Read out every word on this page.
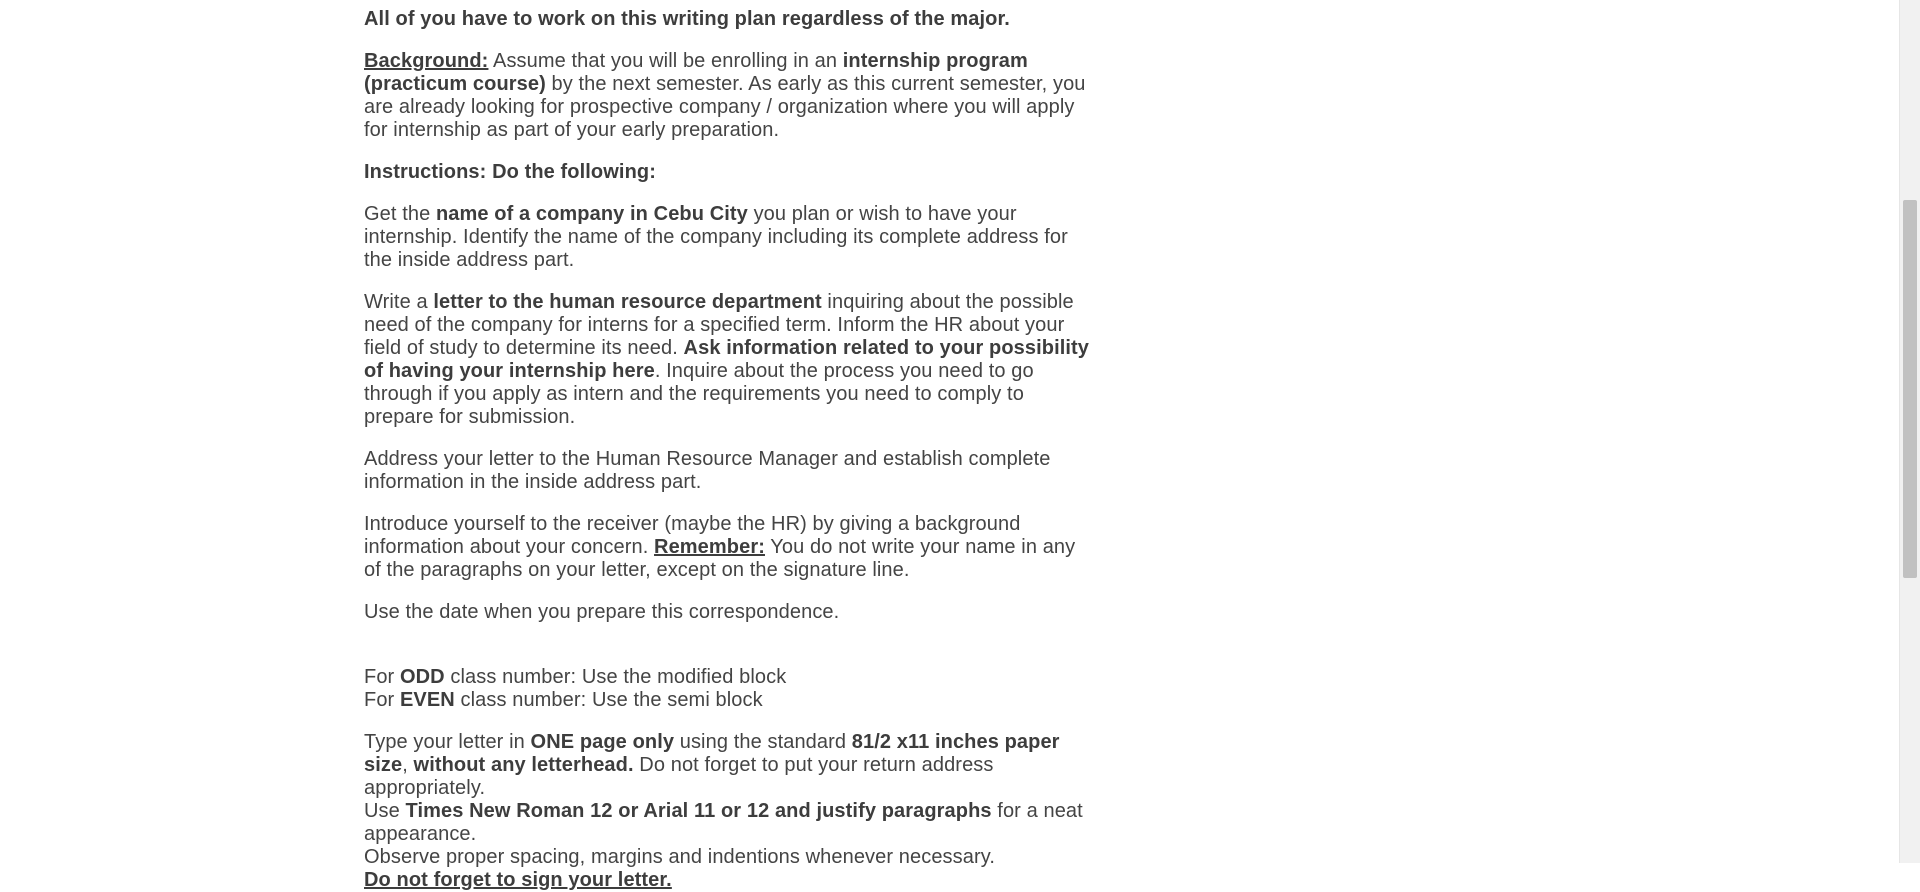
All of you have to work on this writing plan regardless of the major.

Background: Assume that you will be enrolling in an internship program (practicum course) by the next semester. As early as this current semester, you are already looking for prospective company / organization where you will apply for internship as part of your early preparation.

Instructions: Do the following:

Get the name of a company in Cebu City you plan or wish to have your internship. Identify the name of the company including its complete address for the inside address part.

Write a letter to the human resource department inquiring about the possible need of the company for interns for a specified term. Inform the HR about your field of study to determine its need. Ask information related to your possibility of having your internship here. Inquire about the process you need to go through if you apply as intern and the requirements you need to comply to prepare for submission.

Address your letter to the Human Resource Manager and establish complete information in the inside address part.

Introduce yourself to the receiver (maybe the HR) by giving a background information about your concern. Remember: You do not write your name in any of the paragraphs on your letter, except on the signature line.

Use the date when you prepare this correspondence.

For ODD class number: Use the modified block

For EVEN class number: Use the semi block

Type your letter in ONE page only using the standard 81/2 x11 inches paper size, without any letterhead. Do not forget to put your return address appropriately.

Use Times New Roman 12 or Arial 11 or 12 and justify paragraphs for a neat appearance.

Observe proper spacing, margins and indentions whenever necessary.

Do not forget to sign your letter.
